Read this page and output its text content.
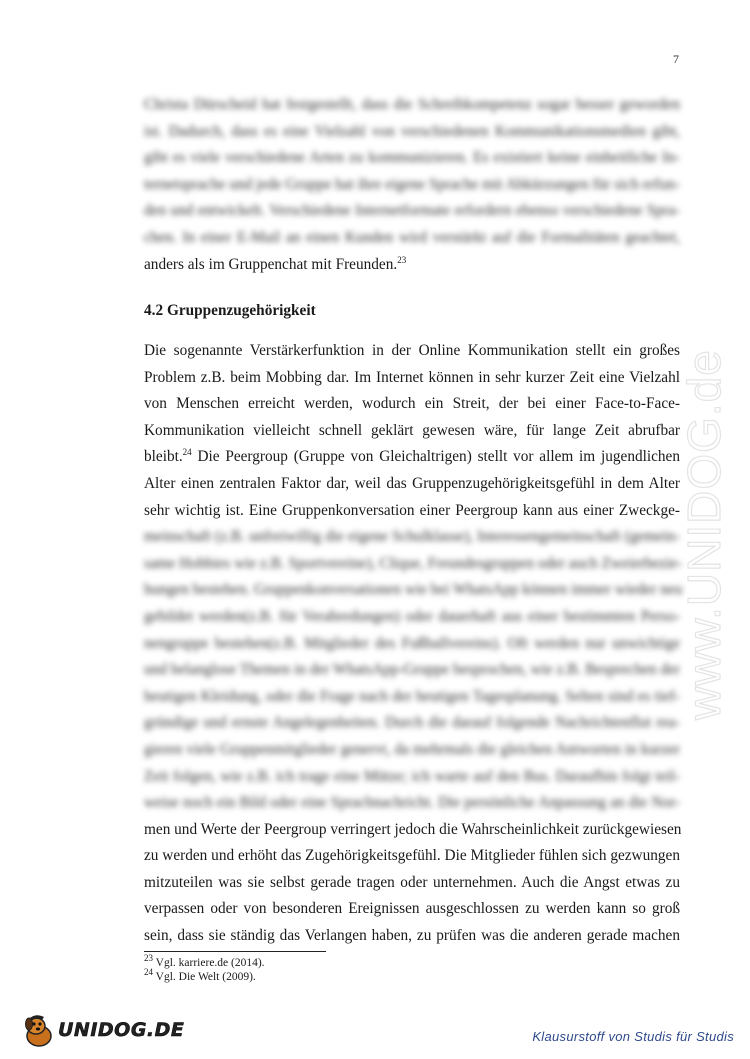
7
www.UNIDOG.de
Christa Dürscheid hat festgestellt, dass die Schreibkompetenz sogar besser geworden
ist. Dadurch, dass es eine Vielzahl von verschiedenen Kommunikationsmedien gibt,
gibt es viele verschiedene Arten zu kommunizieren. Es existiert keine einheitliche In-
ternetsprache und jede Gruppe hat ihre eigene Sprache mit Abkürzungen für sich erfun-
den und entwickelt. Verschiedene Internetformate erfordern ebenso verschiedene Spra-
chen. In einer E-Mail an einen Kunden wird verstärkt auf die Formalitäten geachtet,
anders als im Gruppenchat mit Freunden.$^{23}$
4.2 Gruppenzugehörigkeit
Die sogenannte Verstärkerfunktion in der Online Kommunikation stellt ein großes
Problem z.B. beim Mobbing dar. Im Internet können in sehr kurzer Zeit eine Vielzahl
von Menschen erreicht werden, wodurch ein Streit, der bei einer Face-to-Face-
Kommunikation vielleicht schnell geklärt gewesen wäre, für lange Zeit abrufbar
bleibt.$^{24}$ Die Peergroup (Gruppe von Gleichaltrigen) stellt vor allem im jugendlichen
Alter einen zentralen Faktor dar, weil das Gruppenzugehörigkeitsgefühl in dem Alter
sehr wichtig ist. Eine Gruppenkonversation einer Peergroup kann aus einer Zweckge-
meinschaft (z.B. unfreiwillig die eigene Schulklasse), Interessengemeinschaft (gemein-
same Hobbies wie z.B. Sportvereine), Clique, Freundesgruppen oder auch Zweierbezie-
hungen bestehen. Gruppenkonversationen wie bei WhatsApp können immer wieder neu
gebildet werden(z.B. für Verabredungen) oder dauerhaft aus einer bestimmten Perso-
nengruppe bestehen(z.B. Mitglieder des Fußballvereins). Oft werden nur unwichtige
und belanglose Themen in der WhatsApp-Gruppe besprochen, wie z.B. Besprechen der
heutigen Kleidung, oder die Frage nach der heutigen Tagesplanung. Selten sind es tief-
gründige und ernste Angelegenheiten. Durch die darauf folgende Nachrichtenflut rea-
gieren viele Gruppenmitglieder genervt, da mehrmals die gleichen Antworten in kurzer
Zeit folgen, wie z.B. ich trage eine Mütze; ich warte auf den Bus. Daraufhin folgt teil-
weise noch ein Bild oder eine Sprachnachricht. Die persönliche Anpassung an die Nor-
men und Werte der Peergroup verringert jedoch die Wahrscheinlichkeit zurückgewiesen
zu werden und erhöht das Zugehörigkeitsgefühl. Die Mitglieder fühlen sich gezwungen
mitzuteilen was sie selbst gerade tragen oder unternehmen. Auch die Angst etwas zu
verpassen oder von besonderen Ereignissen ausgeschlossen zu werden kann so groß
sein, dass sie ständig das Verlangen haben, zu prüfen was die anderen gerade machen
$^{23}$ Vgl. karriere.de (2014).
$^{24}$ Vgl. Die Welt (2009).
UNIDOG.DE	Klausurstoff von Studis für Studis
